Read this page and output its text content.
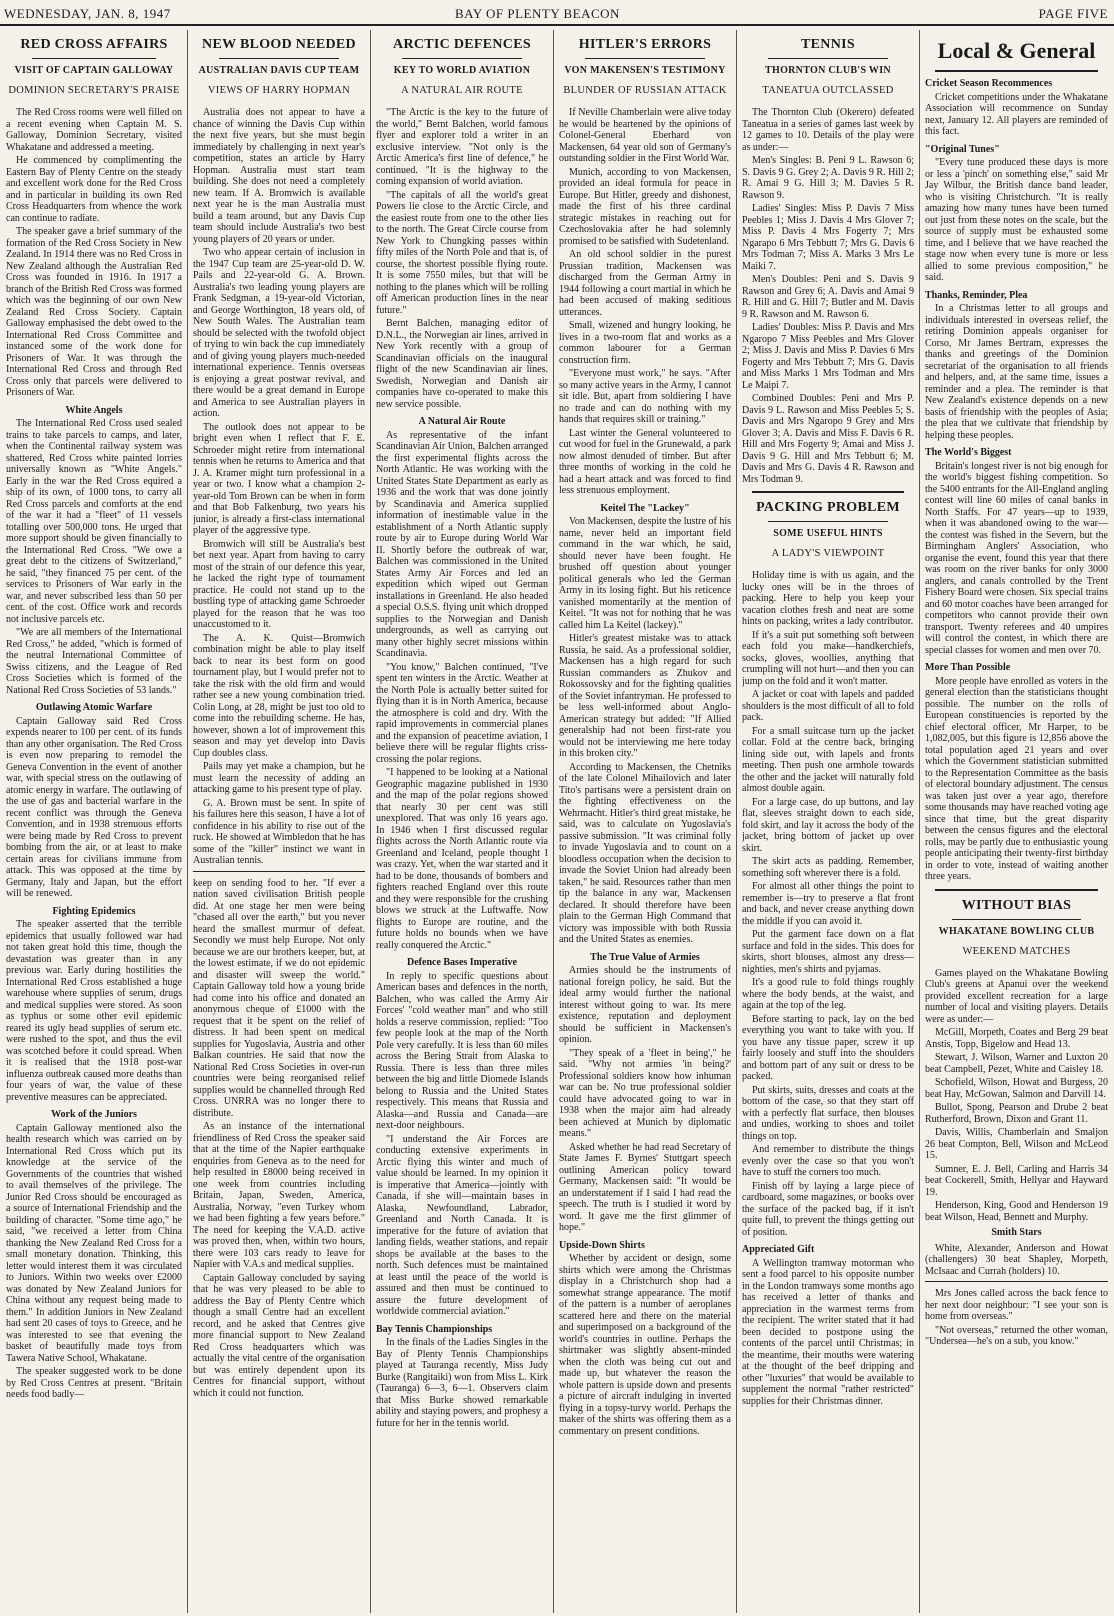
WEDNESDAY, JAN. 8, 1947	BAY OF PLENTY BEACON	PAGE FIVE
RED CROSS AFFAIRS
VISIT OF CAPTAIN GALLOWAY
DOMINION SECRETARY'S PRAISE

The Red Cross rooms were well filled on a recent evening when Captain M. S. Galloway, Dominion Secretary, visited Whakatane and addressed a meeting.

He commenced by complimenting the Eastern Bay of Plenty Centre on the steady and excellent work done for the Red Cross and in particular in building its own Red Cross Headquarters from whence the work can continue to radiate.

The speaker gave a brief summary of the formation of the Red Cross Society in New Zealand. In 1914 there was no Red Cross in New Zealand although the Australian Red Cross was founded in 1916. In 1917 a branch of the British Red Cross was formed which was the beginning of our own New Zealand Red Cross Society. Captain Galloway emphasised the debt owed to the International Red Cross Committee and instanced some of the work done for Prisoners of War. It was through the International Red Cross and through Red Cross only that parcels were delivered to Prisoners of War.

White Angels

The International Red Cross used sealed trains to take parcels to camps, and later, when the Continental railway system was shattered, Red Cross white painted lorries universally known as "White Angels." Early in the war the Red Cross equired a ship of its own, of 1000 tons, to carry all Red Cross parcels and comforts at the end of the war it had a "fleet" of 11 vessels totalling over 500,000 tons. He urged that more support should be given financially to the International Red Cross. "We owe a great debt to the citizens of Switzerland," he said, "they financed 75 per cent. of the services to Prisoners of War early in the war, and never subscribed less than 50 per cent. of the cost. Office work and records not inclusive parcels etc.

"We are all members of the International Red Cross," he added, "which is formed of the neutral International Committee of Swiss citizens, and the League of Red Cross Societies which is formed of the National Red Cross Societies of 53 lands."

Outlawing Atomic Warfare

Captain Galloway said Red Cross expends nearer to 100 per cent. of its funds than any other organisation. The Red Cross is even now preparing to remodel the Geneva Convention in the event of another war, with special stress on the outlawing of atomic energy in warfare. The outlawing of the use of gas and bacterial warfare in the recent conflict was through the Geneva Convention, and in 1938 strenuous efforts were being made by Red Cross to prevent bombing from the air, or at least to make certain areas for civilians immune from attack. This was opposed at the time by Germany, Italy and Japan, but the effort will be renewed.

Fighting Epidemics

The speaker asserted that the terrible epidemics that usually followed war had not taken great hold this time, though the devastation was greater than in any previous war. Early during hostilities the International Red Cross established a huge warehouse where supplies of serum, drugs and medical supplies were stored. As soon as typhus or some other evil epidemic reared its ugly head supplies of serum etc. were rushed to the spot, and thus the evil was scotched before it could spread. When it is realised that the 1918 post-war influenza outbreak caused more deaths than four years of war, the value of these preventive measures can be appreciated.

Work of the Juniors

Captain Galloway mentioned also the health research which was carried on by International Red Cross which put its knowledge at the service of the Governments of the countries that wished to avail themselves of the privilege. The Junior Red Cross should be encouraged as a source of International Friendship and the building of character. "Some time ago," he said, "we received a letter from China thanking the New Zealand Red Cross for a small monetary donation. Thinking, this letter would interest them it was circulated to Juniors. Within two weeks over £2000 was donated by New Zealand Juniors for China without any request being made to them." In addition Juniors in New Zealand had sent 20 cases of toys to Greece, and he was interested to see that evening the basket of beautifully made toys from Tawera Native School, Whakatane.

The speaker suggested work to be done by Red Cross Centres at present. "Britain needs food badly—

NEW BLOOD NEEDED
AUSTRALIAN DAVIS CUP TEAM
VIEWS OF HARRY HOPMAN

Australia does not appear to have a chance of winning the Davis Cup within the next five years, but she must begin immediately by challenging in next year's competition, states an article by Harry Hopman. Australia must start team building. She does not need a completely new team. If A. Bromwich is available next year he is the man Australia must build a team around, but any Davis Cup team should include Australia's two best young players of 20 years or under.

Two who appear certain of inclusion in the 1947 Cup team are 25-year-old D. W. Pails and 22-year-old G. A. Brown. Australia's two leading young players are Frank Sedgman, a 19-year-old Victorian, and George Worthington, 18 years old, of New South Wales. The Australian team should be selected with the twofold object of trying to win back the cup immediately and of giving young players much-needed international experience. Tennis overseas is enjoying a great postwar revival, and there would be a great demand in Europe and America to see Australian players in action.

The outlook does not appear to be bright even when I reflect that F. E. Schroeder might retire from international tennis when he returns to America and that J. A. Kramer might turn professional in a year or two. I know what a champion 2-year-old Tom Brown can be when in form and that Bob Falkenburg, two years his junior, is already a first-class international player of the aggressive type.

Bromwich will still be Australia's best bet next year. Apart from having to carry most of the strain of our defence this year, he lacked the right type of tournament practice. He could not stand up to the bustling type of attacking game Schroeder played for the reason that he was too unaccustomed to it.

The A. K. Quist—Bromwich combination might be able to play itself back to near its best form on good tournament play, but I would prefer not to take the risk with the old firm and would rather see a new young combination tried. Colin Long, at 28, might be just too old to come into the rebuilding scheme. He has, however, shown a lot of improvement this season and may yet develop into Davis Cup doubles class.

Pails may yet make a champion, but he must learn the necessity of adding an attacking game to his present type of play.

G. A. Brown must be sent. In spite of his failures here this season, I have a lot of confidence in his ability to rise out of the ruck. He showed at Wimbledon that he has some of the "killer" instinct we want in Australian tennis.

keep on sending food to her. "If ever a nation saved civilisation British people did. At one stage her men were being "chased all over the earth," but you never heard the smallest murmur of defeat. Secondly we must help Europe. Not only because we are our brothers keeper, but, at the lowest estimate, if we do not epidemic and disaster will sweep the world." Captain Galloway told how a young bride had come into his office and donated an anonymous cheque of £1000 with the request that it be spent on the relief of distress. It had been spent on medical supplies for Yugoslavia, Austria and other Balkan countries. He said that now the National Red Cross Societies in over-run countries were being reorganised relief supplies would be channelled through Red Cross. UNRRA was no longer there to distribute.

As an instance of the international friendliness of Red Cross the speaker said that at the time of the Napier earthquake enquiries from Geneva as to the need for help resulted in £8000 being received in one week from countries including Britain, Japan, Sweden, America, Australia, Norway, "even Turkey whom we had been fighting a few years before." The need for keeping the V.A.D. active was proved then, when, within two hours, there were 103 cars ready to leave for Napier with V.A.s and medical supplies.

Captain Galloway concluded by saying that he was very pleased to be able to address the Bay of Plenty Centre which though a small Centre had an excellent record, and he asked that Centres give more financial support to New Zealand Red Cross headquarters which was actually the vital centre of the organisation but was entirely dependent upon its Centres for financial support, without which it could not function.

ARCTIC DEFENCES
KEY TO WORLD AVIATION
A NATURAL AIR ROUTE

"The Arctic is the key to the future of the world," Bernt Balchen, world famous flyer and explorer told a writer in an exclusive interview. "Not only is the Arctic America's first line of defence," he continued. "It is the highway to the coming expansion of world aviation.

"The capitals of all the world's great Powers lie close to the Arctic Circle, and the easiest route from one to the other lies to the north. The Great Circle course from New York to Chungking passes within fifty miles of the North Pole and that is, of course, the shortest possible flying route. It is some 7550 miles, but that will be nothing to the planes which will be rolling off American production lines in the near future."

Bernt Balchen, managing editor of D.N.L., the Norwegian air lines, arrived in New York recently with a group of Scandinavian officials on the inaugural flight of the new Scandinavian air lines. Swedish, Norwegian and Danish air companies have co-operated to make this new service possible.

A Natural Air Route

As representative of the infant Scandinavian Air Union, Balchen arranged the first experimental flights across the North Atlantic. He was working with the United States State Department as early as 1936 and the work that was done jointly by Scandinavia and America supplied information of inestimable value in the establishment of a North Atlantic supply route by air to Europe during World War II. Shortly before the outbreak of war, Balchen was commissioned in the United States Army Air Forces and led an expedition which wiped out German installations in Greenland. He also headed a special O.S.S. flying unit which dropped supplies to the Norwegian and Danish undergrounds, as well as carrying out many other highly secret missions within Scandinavia.

"You know," Balchen continued, "I've spent ten winters in the Arctic. Weather at the North Pole is actually better suited for flying than it is in North America, because the atmosphere is cold and dry. With the rapid improvements in commercial planes and the expansion of peacetime aviation, I believe there will be regular flights criss-crossing the polar regions.

"I happened to be looking at a National Geographic magazine published in 1930 and the map of the polar regions showed that nearly 30 per cent was still unexplored. That was only 16 years ago. In 1946 when I first discussed regular flights across the North Atlantic route via Greenland and Iceland, people thought I was crazy. Yet, when the war started and it had to be done, thousands of bombers and fighters reached England over this route and they were responsible for the crushing blows we struck at the Luftwaffe. Now flights to Europe are routine, and the future holds no bounds when we have really conquered the Arctic."

Defence Bases Imperative

In reply to specific questions about American bases and defences in the north, Balchen, who was called the Army Air Forces' "cold weather man" and who still holds a reserve commission, replied: "Too few people look at the map of the North Pole very carefully. It is less than 60 miles across the Bering Strait from Alaska to Russia. There is less than three miles between the big and little Diomede Islands belong to Russia and the United States respectively. This means that Russia and Alaska—and Russia and Canada—are next-door neighbours.

"I understand the Air Forces are conducting extensive experiments in Arctic flying this winter and much of value should be learned. In my opinion it is imperative that America—jointly with Canada, if she will—maintain bases in Alaska, Newfoundland, Labrador, Greenland and North Canada. It is imperative for the future of aviation that landing fields, weather stations, and repair shops be available at the bases to the north. Such defences must be maintained at least until the peace of the world is assured and then must be continued to assure the future development of worldwide commercial aviation."

Bay Tennis Championships

In the finals of the Ladies Singles in the Bay of Plenty Tennis Championships played at Tauranga recently, Miss Judy Burke (Rangitaiki) won from Miss L. Kirk (Tauranga) 6—3, 6—1. Observers claim that Miss Burke showed remarkable ability and staying powers, and prophesy a future for her in the tennis world.

HITLER'S ERRORS
VON MAKENSEN'S TESTIMONY
BLUNDER OF RUSSIAN ATTACK

If Neville Chamberlain were alive today he would be heartened by the opinions of Colonel-General Eberhard von Mackensen, 64 year old son of Germany's outstanding soldier in the First World War.

Munich, according to von Mackensen, provided an ideal formula for peace in Europe. But Hitler, greedy and dishonest, made the first of his three cardinal strategic mistakes in reaching out for Czechoslovakia after he had solemnly promised to be satisfied with Sudetenland.

An old school soldier in the purest Prussian tradition, Mackensen was discharged from the German Army in 1944 following a court martial in which he had been accused of making seditious utterances.

Small, wizened and hungry looking, he lives in a two-room flat and works as a common labourer for a German construction firm.

"Everyone must work," he says. "After so many active years in the Army, I cannot sit idle. But, apart from soldiering I have no trade and can do nothing with my hands that requires skill or training."

Last winter the General volunteered to cut wood for fuel in the Grunewald, a park now almost denuded of timber. But after three months of working in the cold he had a heart attack and was forced to find less strenuous employment.

Keitel The "Lackey"

Von Mackensen, despite the lustre of his name, never held an important field command in the war which, he said, should never have been fought. He brushed off question about younger political generals who led the German Army in its losing fight. But his reticence vanished momentarily at the mention of Keitel. "It was not for nothing that he was called him La Keitel (lackey)."

Hitler's greatest mistake was to attack Russia, he said. As a professional soldier, Mackensen has a high regard for such Russian commanders as Zhukov and Rokossovsky and for the fighting qualities of the Soviet infantryman. He professed to be less well-informed about Anglo-American strategy but added: "If Allied generalship had not been first-rate you would not be interviewing me here today in this broken city."

According to Mackensen, the Chetniks of the late Colonel Mihailovich and later Tito's partisans were a persistent drain on the fighting effectiveness on the Wehrmacht. Hitler's third great mistake, he said, was to calculate on Yugoslavia's passive submission. "It was criminal folly to invade Yugoslavia and to count on a bloodless occupation when the decision to invade the Soviet Union had already been taken," he said. Resources rather than men tip the balance in any war, Mackensen declared. It should therefore have been plain to the German High Command that victory was impossible with both Russia and the United States as enemies.

The True Value of Armies

Armies should be the instruments of national foreign policy, he said. But the ideal army would further the national interest without going to war. Its mere existence, reputation and deployment should be sufficient in Mackensen's opinion.

"They speak of a 'fleet in being'," he said. "Why not armies 'in being?' Professional soldiers know how inhuman war can be. No true professional soldier could have advocated going to war in 1938 when the major aim had already been achieved at Munich by diplomatic means."

Asked whether he had read Secretary of State James F. Byrnes' Stuttgart speech outlining American policy toward Germany, Mackensen said: "It would be an understatement if I said I had read the speech. The truth is I studied it word by word. It gave me the first glimmer of hope."

Upside-Down Shirts

Whether by accident or design, some shirts which were among the Christmas display in a Christchurch shop had a somewhat strange appearance. The motif of the pattern is a number of aeroplanes scattered here and there on the material and superimposed on a background of the world's countries in outline. Perhaps the shirtmaker was slightly absent-minded when the cloth was being cut out and made up, but whatever the reason the whole pattern is upside down and presents a picture of aircraft indulging in inverted flying in a topsy-turvy world. Perhaps the maker of the shirts was offering them as a commentary on present conditions.

TENNIS
THORNTON CLUB'S WIN
TANEATUA OUTCLASSED

The Thornton Club (Okerero) defeated Taneatua in a series of games last week by 12 games to 10. Details of the play were as under:—

Men's Singles: B. Peni 9 L. Rawson 6; S. Davis 9 G. Grey 2; A. Davis 9 R. Hill 2; R. Amai 9 G. Hill 3; M. Davies 5 R. Rawson 9.

Ladies' Singles: Miss P. Davis 7 Miss Peebles 1; Miss J. Davis 4 Mrs Glover 7; Miss P. Davis 4 Mrs Fogerty 7; Mrs Ngarapo 6 Mrs Tebbutt 7; Mrs G. Davis 6 Mrs Todman 7; Miss A. Marks 3 Mrs Le Maiki 7.

Men's Doubles: Peni and S. Davis 9 Rawson and Grey 6; A. Davis and Amai 9 R. Hill and G. Hill 7; Butler and M. Davis 9 R. Rawson and M. Rawson 6.

Ladies' Doubles: Miss P. Davis and Mrs Ngaropo 7 Miss Peebles and Mrs Glover 2; Miss J. Davis and Miss P. Davies 6 Mrs Fogerty and Mrs Tebbutt 7; Mrs G. Davis and Miss Marks 1 Mrs Todman and Mrs Le Maipi 7.

Combined Doubles: Peni and Mrs P. Davis 9 L. Rawson and Miss Peebles 5; S. Davis and Mrs Ngaropo 9 Grey and Mrs Glover 3; A. Davis and Miss F. Davis 6 R. Hill and Mrs Fogerty 9; Amai and Miss J. Davis 9 G. Hill and Mrs Tebbutt 6; M. Davis and Mrs G. Davis 4 R. Rawson and Mrs Todman 9.

PACKING PROBLEM
SOME USEFUL HINTS
A LADY'S VIEWPOINT

Holiday time is with us again, and the lucky ones will be in the throes of packing. Here to help you keep your vacation clothes fresh and neat are some hints on packing, writes a lady contributor.

If it's a suit put something soft between each fold you make—handkerchiefs, socks, gloves, woollies, anything that crumpling will not hurt—and then you can jump on the fold and it won't matter.

A jacket or coat with lapels and padded shoulders is the most difficult of all to fold pack.

For a small suitcase turn up the jacket collar. Fold at the centre back, bringing lining side out, with lapels and fronts meeting. Then push one armhole towards the other and the jacket will naturally fold almost double again.

For a large case, do up buttons, and lay flat, sleeves straight down to each side, fold skirt, and lay it across the body of the jacket, bring bottom of jacket up over skirt.

The skirt acts as padding. Remember, something soft wherever there is a fold.

For almost all other things the point to remember is—try to preserve a flat front and back, and never crease anything down the middle if you can avoid it.

Put the garment face down on a flat surface and fold in the sides. This does for skirts, short blouses, almost any dress—nighties, men's shirts and pyjamas.

It's a good rule to fold things roughly where the body bends, at the waist, and again at the top of the leg.

Before starting to pack, lay on the bed everything you want to take with you. If you have any tissue paper, screw it up fairly loosely and stuff into the shoulders and bottom part of any suit or dress to be packed.

Put skirts, suits, dresses and coats at the bottom of the case, so that they start off with a perfectly flat surface, then blouses and undies, working to shoes and toilet things on top.

And remember to distribute the things evenly over the case so that you won't have to stuff the corners too much.

Finish off by laying a large piece of cardboard, some magazines, or books over the surface of the packed bag, if it isn't quite full, to prevent the things getting out of position.

Appreciated Gift

A Wellington tramway motorman who sent a food parcel to his opposite number in the London tramways some months ago has received a letter of thanks and appreciation in the warmest terms from the recipient. The writer stated that it had been decided to postpone using the contents of the parcel until Christmas; in the meantime, their mouths were watering at the thought of the beef dripping and other "luxuries" that would be available to supplement the normal "rather restricted" supplies for their Christmas dinner.

Local & General
Cricket Season Recommences

Cricket competitions under the Whakatane Association will recommence on Sunday next, January 12. All players are reminded of this fact.

"Original Tunes"

"Every tune produced these days is more or less a 'pinch' on something else," said Mr Jay Wilbur, the British dance band leader, who is visiting Christchurch. "It is really amazing how many tunes have been turned out just from these notes on the scale, but the source of supply must be exhausted some time, and I believe that we have reached the stage now when every tune is more or less allied to some previous composition," he said.

Thanks, Reminder, Plea

In a Christmas letter to all groups and individuals interested in overseas relief, the retiring Dominion appeals organiser for Corso, Mr James Bertram, expresses the thanks and greetings of the Dominion secretariat of the organisation to all friends and helpers, and, at the same time, issues a reminder and a plea. The reminder is that New Zealand's existence depends on a new basis of friendship with the peoples of Asia; the plea that we cultivate that friendship by helping these peoples.

The World's Biggest

Britain's longest river is not big enough for the world's biggest fishing competition. So the 5400 entrants for the All-England angling contest will line 60 miles of canal banks in North Staffs. For 47 years—up to 1939, when it was abandoned owing to the war—the contest was fished in the Severn, but the Birmingham Anglers' Association, who organise the event, found this year that there was room on the river banks for only 3000 anglers, and canals controlled by the Trent Fishery Board were chosen. Six special trains and 60 motor coaches have been arranged for competitors who cannot provide their own transport. Twenty referees and 40 umpires will control the contest, in which there are special classes for women and men over 70.

More Than Possible

More people have enrolled as voters in the general election than the statisticians thought possible. The number on the rolls of European constituencies is reported by the chief electoral officer, Mr Harper, to be 1,082,005, but this figure is 12,856 above the total population aged 21 years and over which the Government statistician submitted to the Representation Committee as the basis of electoral boundary adjustment. The census was taken just over a year ago, therefore some thousands may have reached voting age since that time, but the great disparity between the census figures and the electoral rolls, may be partly due to enthusiastic young people anticipating their twenty-first birthday in order to vote, instead of waiting another three years.

WITHOUT BIAS
WHAKATANE BOWLING CLUB
WEEKEND MATCHES

Games played on the Whakatane Bowling Club's greens at Apanui over the weekend provided excellent recreation for a large number of local and visiting players. Details were as under:—

McGill, Morpeth, Coates and Berg 29 beat Anstis, Topp, Bigelow and Head 13.

Stewart, J. Wilson, Warner and Luxton 20 beat Campbell, Pezet, White and Caisley 18.

Schofield, Wilson, Howat and Burgess, 20 beat Hay, McGowan, Salmon and Darvill 14.

Bullot, Spong, Pearson and Drube 2 beat Rutherford, Brown, Dixon and Grant 11.

Davis, Willis, Chamberlain and Smaljon 26 beat Compton, Bell, Wilson and McLeod 15.

Sumner, E. J. Bell, Carling and Harris 34 beat Cockerell, Smith, Hellyar and Hayward 19.

Henderson, King, Good and Henderson 19 beat Wilson, Head, Bennett and Murphy.

Smith Stars

White, Alexander, Anderson and Howat (challengers) 30 beat Shapley, Morpeth, McIsaac and Currah (holders) 10.

Mrs Jones called across the back fence to her next door neighbour: "I see your son is home from overseas."

"Not overseas," returned the other woman, "Undersea—he's on a sub, you know."
